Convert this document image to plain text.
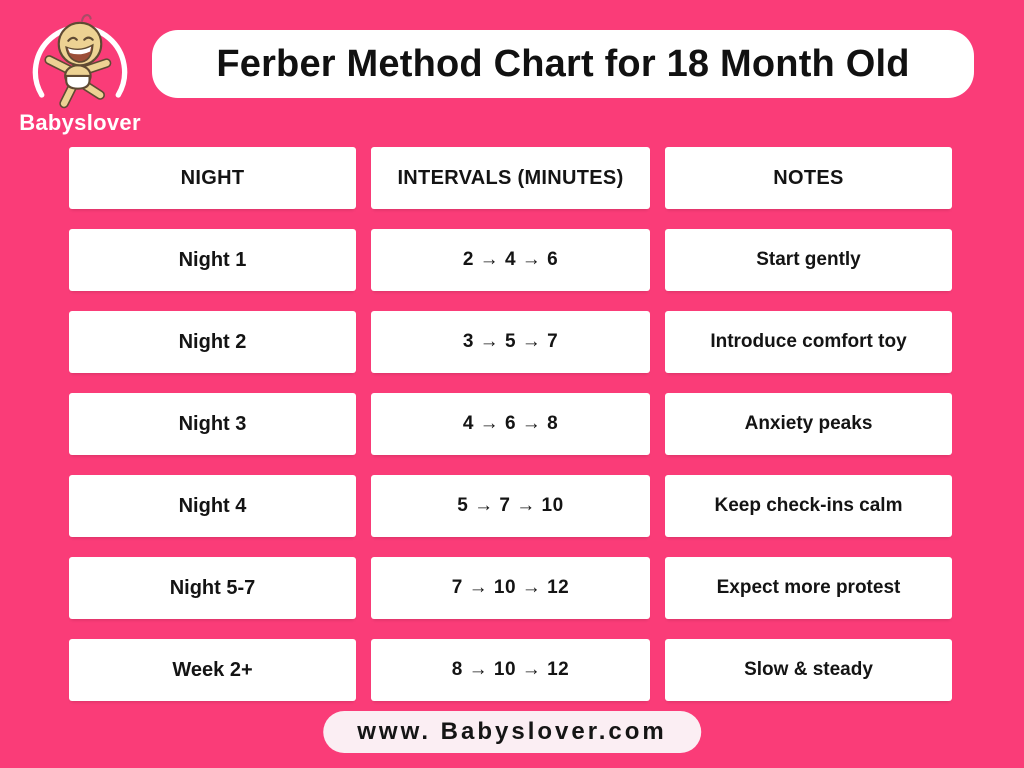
Babyslover
Ferber Method Chart for 18 Month Old
NIGHT	INTERVALS (MINUTES)	NOTES
Night 1	2 → 4 → 6	Start gently
Night 2	3 → 5 → 7	Introduce comfort toy
Night 3	4 → 6 → 8	Anxiety peaks
Night 4	5 → 7 → 10	Keep check-ins calm
Night 5-7	7 → 10 → 12	Expect more protest
Week 2+	8 → 10 → 12	Slow & steady
www. Babyslover.com
